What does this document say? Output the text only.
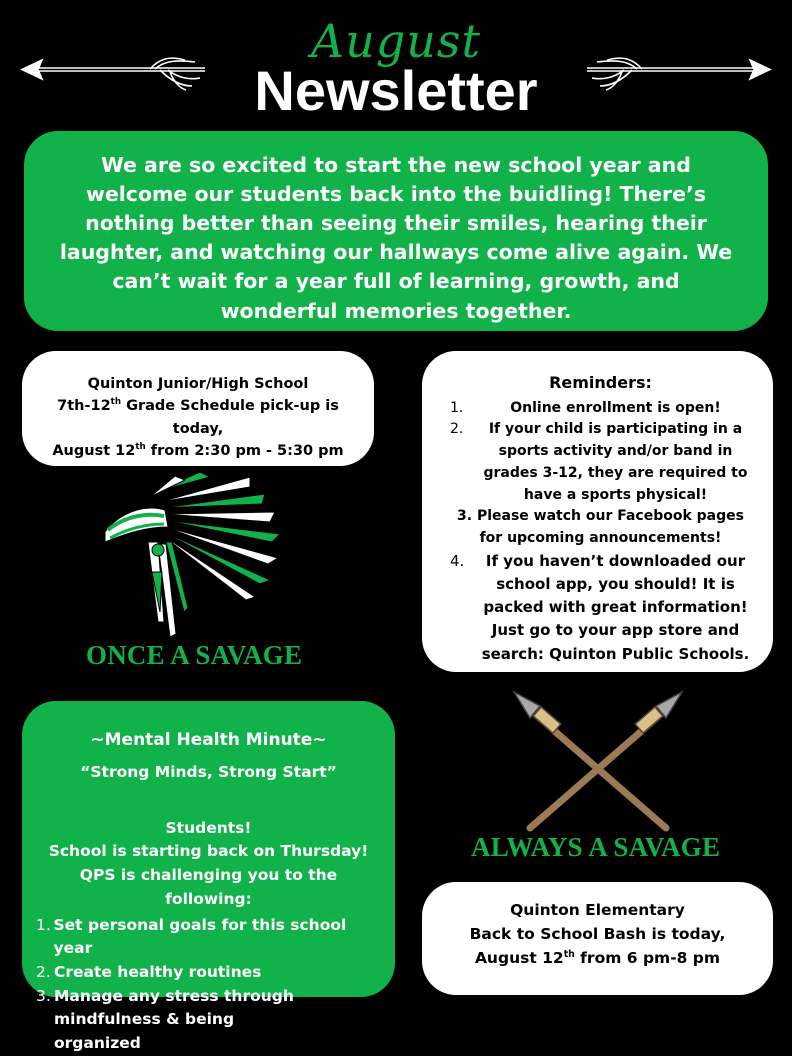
August
Newsletter
We are so excited to start the new school year and welcome our students back into the buidling! There’s nothing better than seeing their smiles, hearing their laughter, and watching our hallways come alive again. We can’t wait for a year full of learning, growth, and wonderful memories together.
Quinton Junior/High School
7th-12th Grade Schedule pick-up is today,
August 12th from 2:30 pm - 5:30 pm
Reminders:
1.	Online enrollment is open!
2. If your child is participating in a sports activity and/or band in grades 3-12, they are required to have a sports physical!
3. Please watch our Facebook pages for upcoming announcements!
4. If you haven’t downloaded our school app, you should! It is packed with great information! Just go to your app store and search: Quinton Public Schools.
ONCE A SAVAGE
ALWAYS A SAVAGE
~Mental Health Minute~
“Strong Minds, Strong Start”
Students!
School is starting back on Thursday!
QPS is challenging you to the following:
1. Set personal goals for this school year
2. Create healthy routines
3. Manage any stress through mindfulness & being organized
Quinton Elementary
Back to School Bash is today,
August 12th from 6 pm-8 pm
